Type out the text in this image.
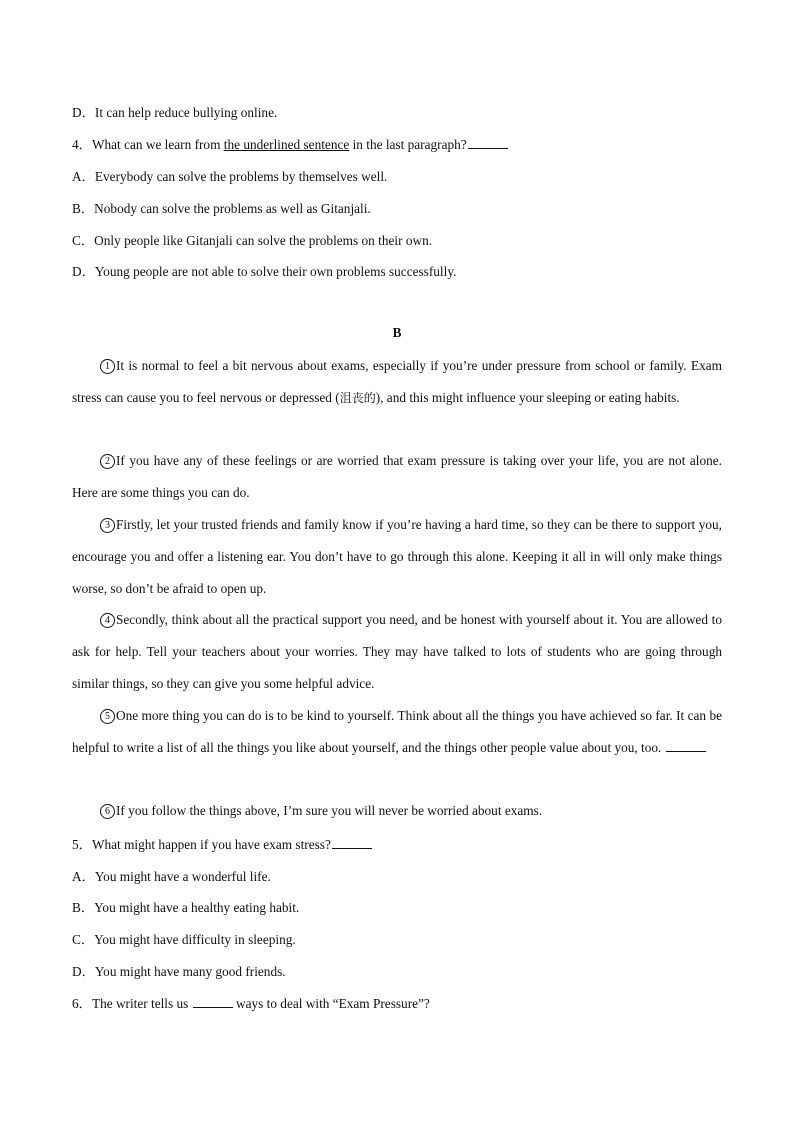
D．It can help reduce bullying online.
4．What can we learn from the underlined sentence in the last paragraph?
A．Everybody can solve the problems by themselves well.
B．Nobody can solve the problems as well as Gitanjali.
C．Only people like Gitanjali can solve the problems on their own.
D．Young people are not able to solve their own problems successfully.
B
1 It is normal to feel a bit nervous about exams, especially if you’re under pressure from school or family. Exam stress can cause you to feel nervous or depressed (沮丧的), and this might influence your sleeping or eating habits.
2 If you have any of these feelings or are worried that exam pressure is taking over your life, you are not alone. Here are some things you can do.
3 Firstly, let your trusted friends and family know if you’re having a hard time, so they can be there to support you, encourage you and offer a listening ear. You don’t have to go through this alone. Keeping it all in will only make things worse, so don’t be afraid to open up.
4 Secondly, think about all the practical support you need, and be honest with yourself about it. You are allowed to ask for help. Tell your teachers about your worries. They may have talked to lots of students who are going through similar things, so they can give you some helpful advice.
5 One more thing you can do is to be kind to yourself. Think about all the things you have achieved so far. It can be helpful to write a list of all the things you like about yourself, and the things other people value about you, too.
6 If you follow the things above, I’m sure you will never be worried about exams.
5．What might happen if you have exam stress?
A．You might have a wonderful life.
B．You might have a healthy eating habit.
C．You might have difficulty in sleeping.
D．You might have many good friends.
6．The writer tells us	ways to deal with “Exam Pressure”?
